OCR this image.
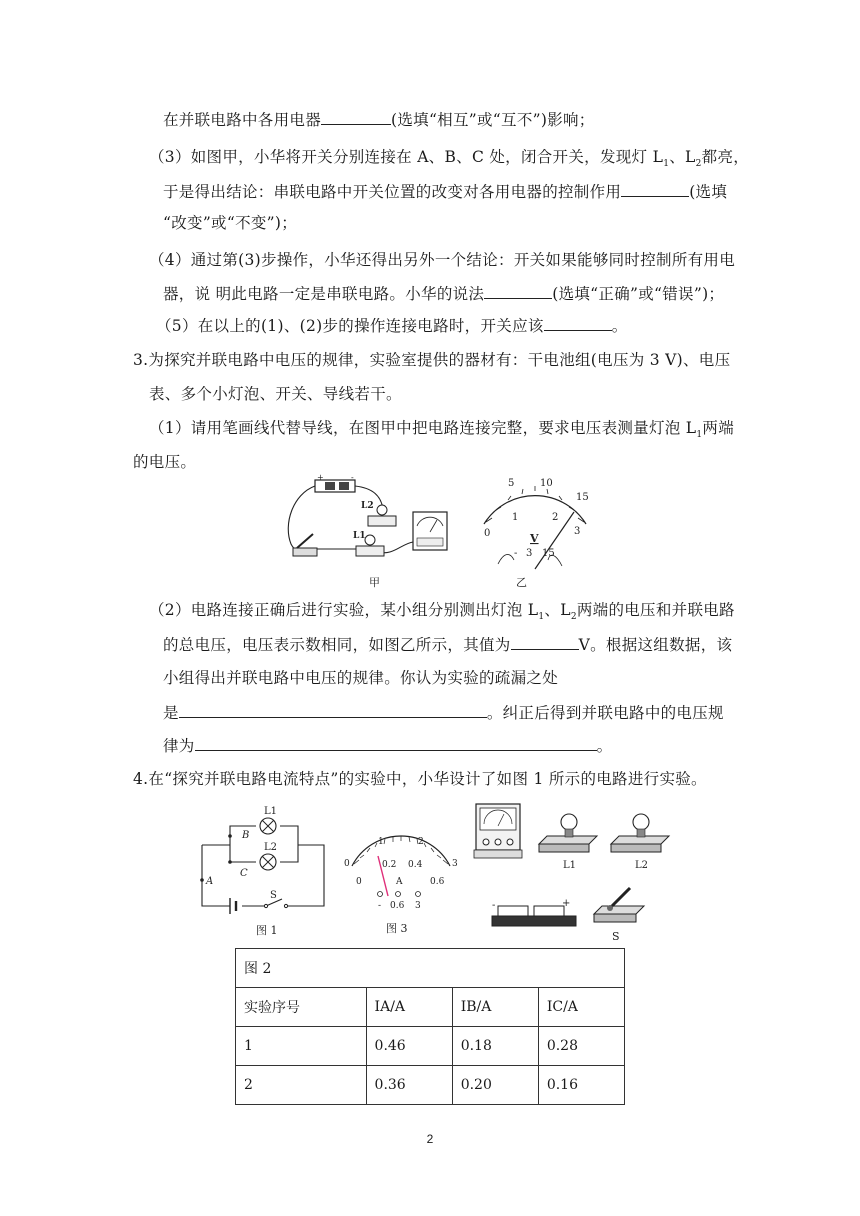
在并联电路中各用电器	(选填“相互”或“互不”)影响；
（3）如图甲，小华将开关分别连接在 A、B、C 处，闭合开关，发现灯 $L_1$、$L_2$都亮，
于是得出结论：串联电路中开关位置的改变对各用电器的控制作用	(选填
“改变”或“不变”)；
（4）通过第(3)步操作，小华还得出另外一个结论：开关如果能够同时控制所有用电
器，说 明此电路一定是串联电路。小华的说法	(选填“正确”或“错误”)；
（5）在以上的(1)、(2)步的操作连接电路时，开关应该	。
3.为探究并联电路中电压的规律，实验室提供的器材有：干电池组(电压为 3 V)、电压
表、多个小灯泡、开关、导线若干。
（1）请用笔画线代替导线，在图甲中把电路连接完整，要求电压表测量灯泡 $L_1$两端
的电压。
+	-
L2
L1
甲
5	10
15
0
1	2
3
V
- 3 15
乙
（2）电路连接正确后进行实验，某小组分别测出灯泡 $L_1$、$L_2$两端的电压和并联电路
的总电压，电压表示数相同，如图乙所示，其值为	V。根据这组数据，该
小组得出并联电路中电压的规律。你认为实验的疏漏之处
是	。纠正后得到并联电路中的电压规
律为	。
4.在“探究并联电路电流特点”的实验中，小华设计了如图 1 所示的电路进行实验。
L1
L2
B
C
A
S
图 1
0
1	2
3
0
0.2 0.4
0.6
A
- 0.6 3
图 3
L1	L2
-	+
S
图 2			
实验序号	IA/A	IB/A	IC/A
1	0.46	0.18	0.28
2	0.36	0.20	0.16
2
